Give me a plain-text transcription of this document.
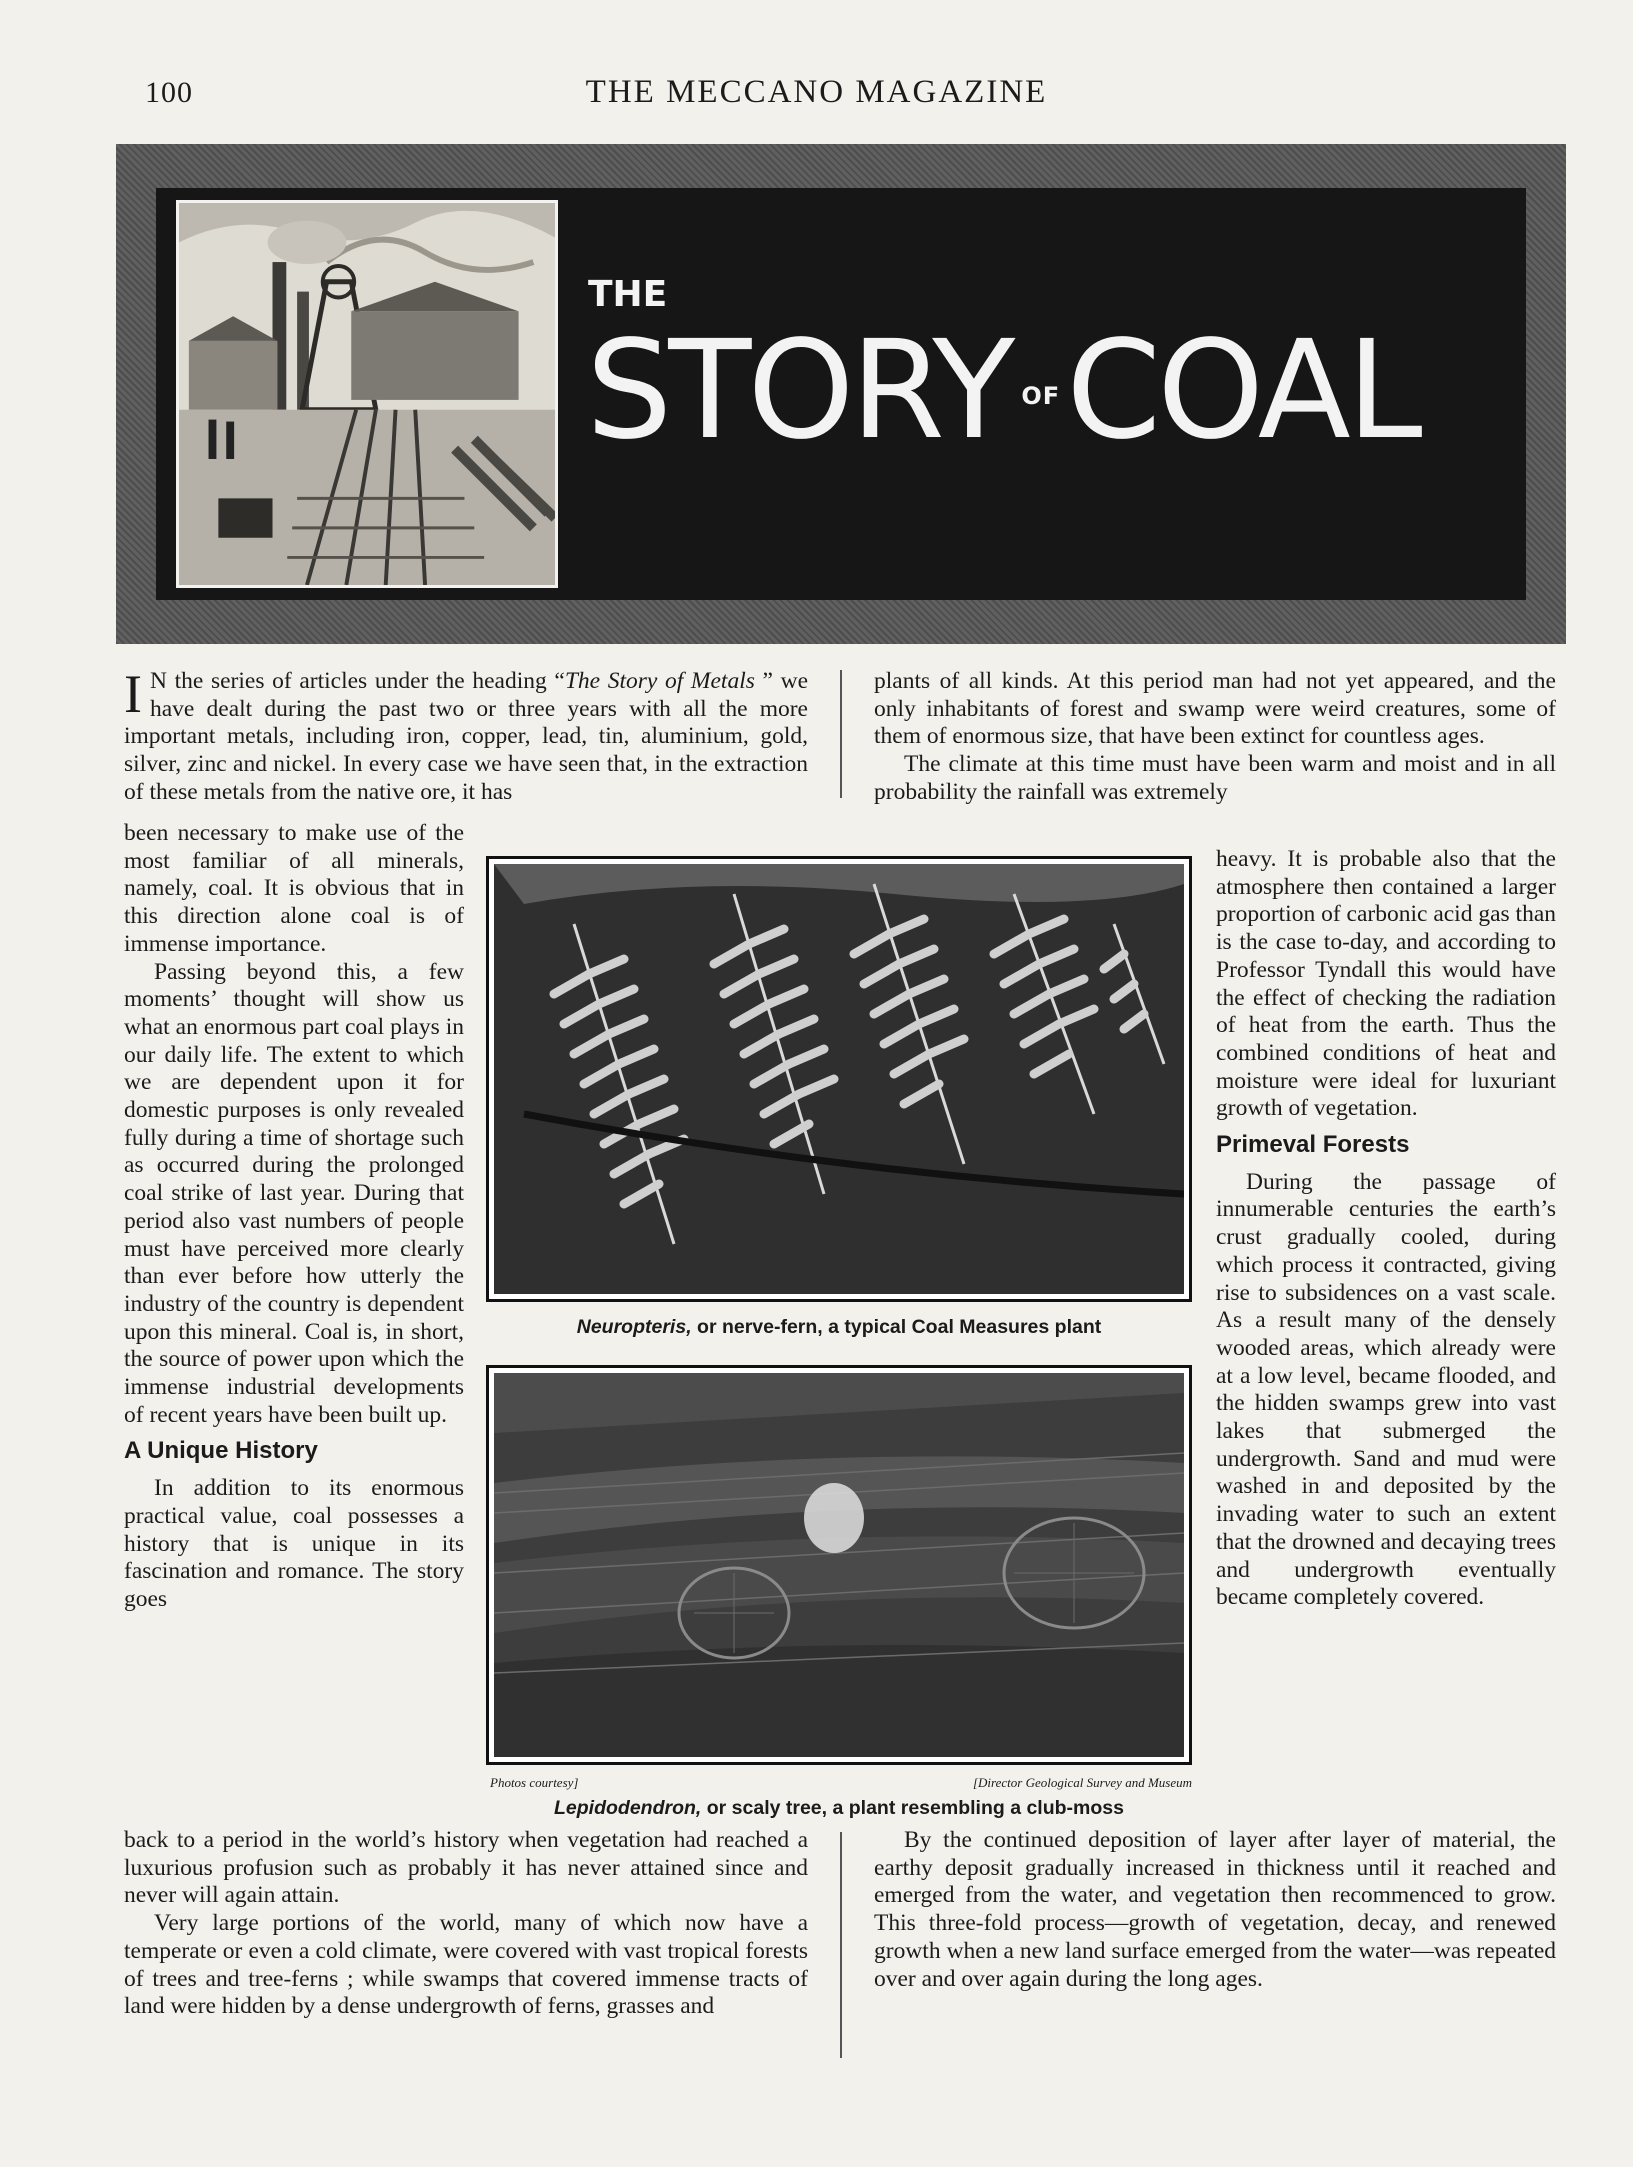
100	THE MECCANO MAGAZINE
THE
STORY OFCOAL

I N the series of articles under the heading “The Story of Metals ” we have dealt during the past two or three years with all the more important metals, including iron, copper, lead, tin, aluminium, gold, silver, zinc and nickel. In every case we have seen that, in the extraction of these metals from the native ore, it has

been necessary to make use of the most familiar of all minerals, namely, coal. It is obvious that in this direction alone coal is of immense importance.

Passing beyond this, a few moments’ thought will show us what an enormous part coal plays in our daily life. The extent to which we are dependent upon it for domestic purposes is only revealed fully during a time of shortage such as occurred during the prolonged coal strike of last year. During that period also vast numbers of people must have perceived more clearly than ever before how utterly the industry of the country is dependent upon this mineral. Coal is, in short, the source of power upon which the immense industrial developments of recent years have been built up.

A Unique History

In addition to its enormous practical value, coal possesses a history that is unique in its fascination and romance. The story goes

back to a period in the world’s history when vegetation had reached a luxurious profusion such as probably it has never attained since and never will again attain.

Very large portions of the world, many of which now have a temperate or even a cold climate, were covered with vast tropical forests of trees and tree-ferns ; while swamps that covered immense tracts of land were hidden by a dense undergrowth of ferns, grasses and

plants of all kinds. At this period man had not yet appeared, and the only inhabitants of forest and swamp were weird creatures, some of them of enormous size, that have been extinct for countless ages.

The climate at this time must have been warm and moist and in all probability the rainfall was extremely

heavy. It is probable also that the atmosphere then contained a larger proportion of carbonic acid gas than is the case to-day, and according to Professor Tyndall this would have the effect of checking the radiation of heat from the earth. Thus the combined conditions of heat and moisture were ideal for luxuriant growth of vegetation.

Primeval Forests

During the passage of innumerable centuries the earth’s crust gradually cooled, during which process it contracted, giving rise to subsidences on a vast scale. As a result many of the densely wooded areas, which already were at a low level, became flooded, and the hidden swamps grew into vast lakes that submerged the undergrowth. Sand and mud were washed in and deposited by the invading water to such an extent that the drowned and decaying trees and undergrowth eventually became completely covered.

By the continued deposition of layer after layer of material, the earthy deposit gradually increased in thickness until it reached and emerged from the water, and vegetation then recommenced to grow. This three-fold process—growth of vegetation, decay, and renewed growth when a new land surface emerged from the water—was repeated over and over again during the long ages.

Neuropteris, or nerve-fern, a typical Coal Measures plant
Photos courtesy]	[Director Geological Survey and Museum
Lepidodendron, or scaly tree, a plant resembling a club-moss
